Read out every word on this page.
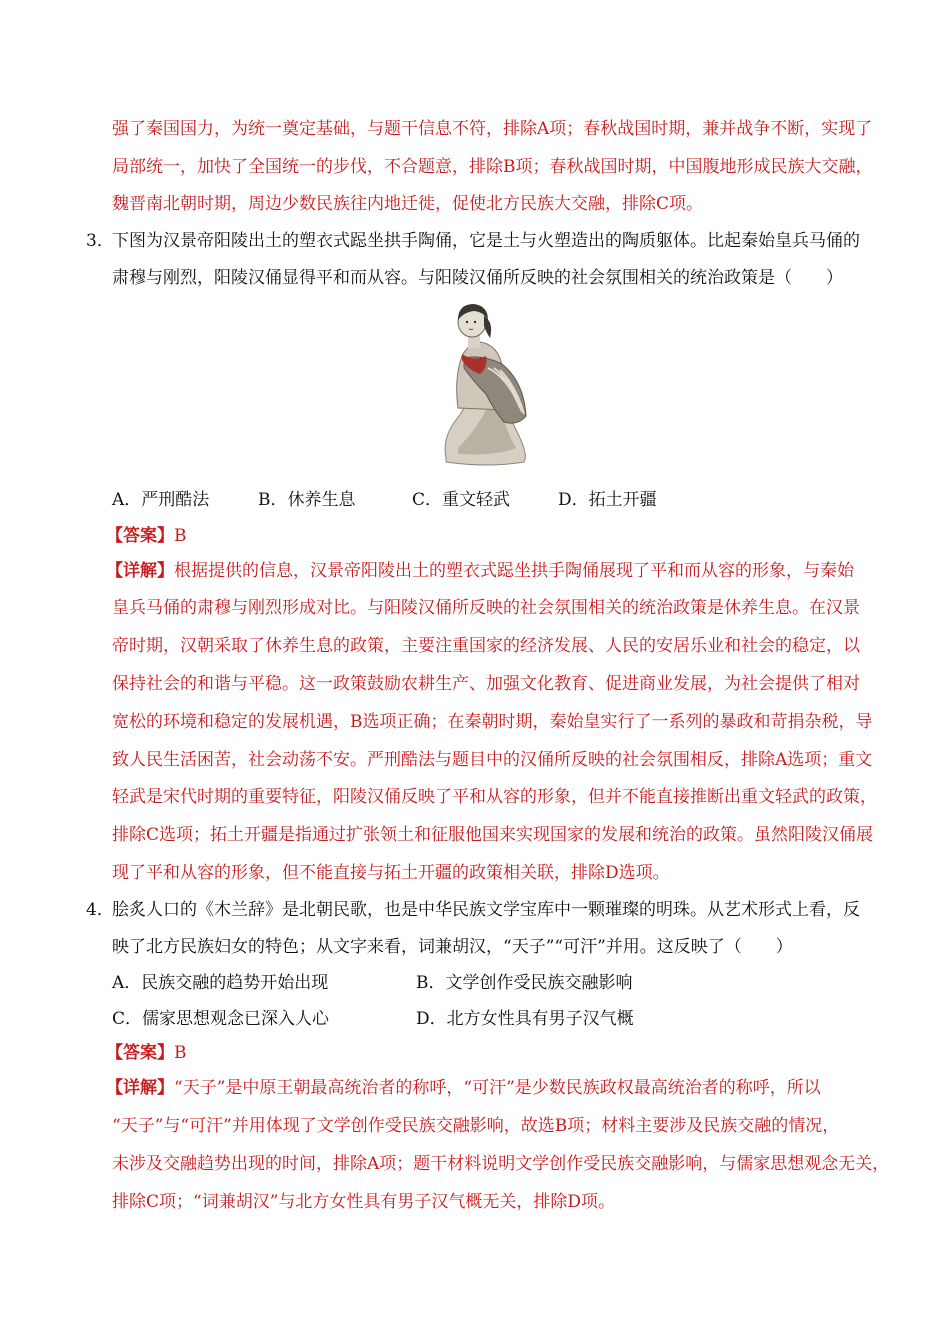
强了秦国国力，为统一奠定基础，与题干信息不符，排除A项；春秋战国时期，兼并战争不断，实现了
局部统一，加快了全国统一的步伐，不合题意，排除B项；春秋战国时期，中国腹地形成民族大交融，
魏晋南北朝时期，周边少数民族往内地迁徙，促使北方民族大交融，排除C项。
3．
下图为汉景帝阳陵出土的塑衣式跽坐拱手陶俑，它是土与火塑造出的陶质躯体。比起秦始皇兵马俑的
肃穆与刚烈，阳陵汉俑显得平和而从容。与阳陵汉俑所反映的社会氛围相关的统治政策是（　　）
A．严刑酷法	B．休养生息	C．重文轻武	D．拓土开疆
【答案】B
【详解】根据提供的信息，汉景帝阳陵出土的塑衣式跽坐拱手陶俑展现了平和而从容的形象，与秦始
皇兵马俑的肃穆与刚烈形成对比。与阳陵汉俑所反映的社会氛围相关的统治政策是休养生息。在汉景
帝时期，汉朝采取了休养生息的政策，主要注重国家的经济发展、人民的安居乐业和社会的稳定，以
保持社会的和谐与平稳。这一政策鼓励农耕生产、加强文化教育、促进商业发展，为社会提供了相对
宽松的环境和稳定的发展机遇，B选项正确；在秦朝时期，秦始皇实行了一系列的暴政和苛捐杂税，导
致人民生活困苦，社会动荡不安。严刑酷法与题目中的汉俑所反映的社会氛围相反，排除A选项；重文
轻武是宋代时期的重要特征，阳陵汉俑反映了平和从容的形象，但并不能直接推断出重文轻武的政策，
排除C选项；拓土开疆是指通过扩张领土和征服他国来实现国家的发展和统治的政策。虽然阳陵汉俑展
现了平和从容的形象，但不能直接与拓土开疆的政策相关联，排除D选项。
4．
脍炙人口的《木兰辞》是北朝民歌，也是中华民族文学宝库中一颗璀璨的明珠。从艺术形式上看，反
映了北方民族妇女的特色；从文字来看，词兼胡汉，“天子”“可汗”并用。这反映了（　　）
A．民族交融的趋势开始出现	B．文学创作受民族交融影响
C．儒家思想观念已深入人心	D．北方女性具有男子汉气概
【答案】B
【详解】“天子”是中原王朝最高统治者的称呼，“可汗”是少数民族政权最高统治者的称呼，所以
“天子”与“可汗”并用体现了文学创作受民族交融影响，故选B项；材料主要涉及民族交融的情况，
未涉及交融趋势出现的时间，排除A项；题干材料说明文学创作受民族交融影响，与儒家思想观念无关，
排除C项；“词兼胡汉”与北方女性具有男子汉气概无关，排除D项。
